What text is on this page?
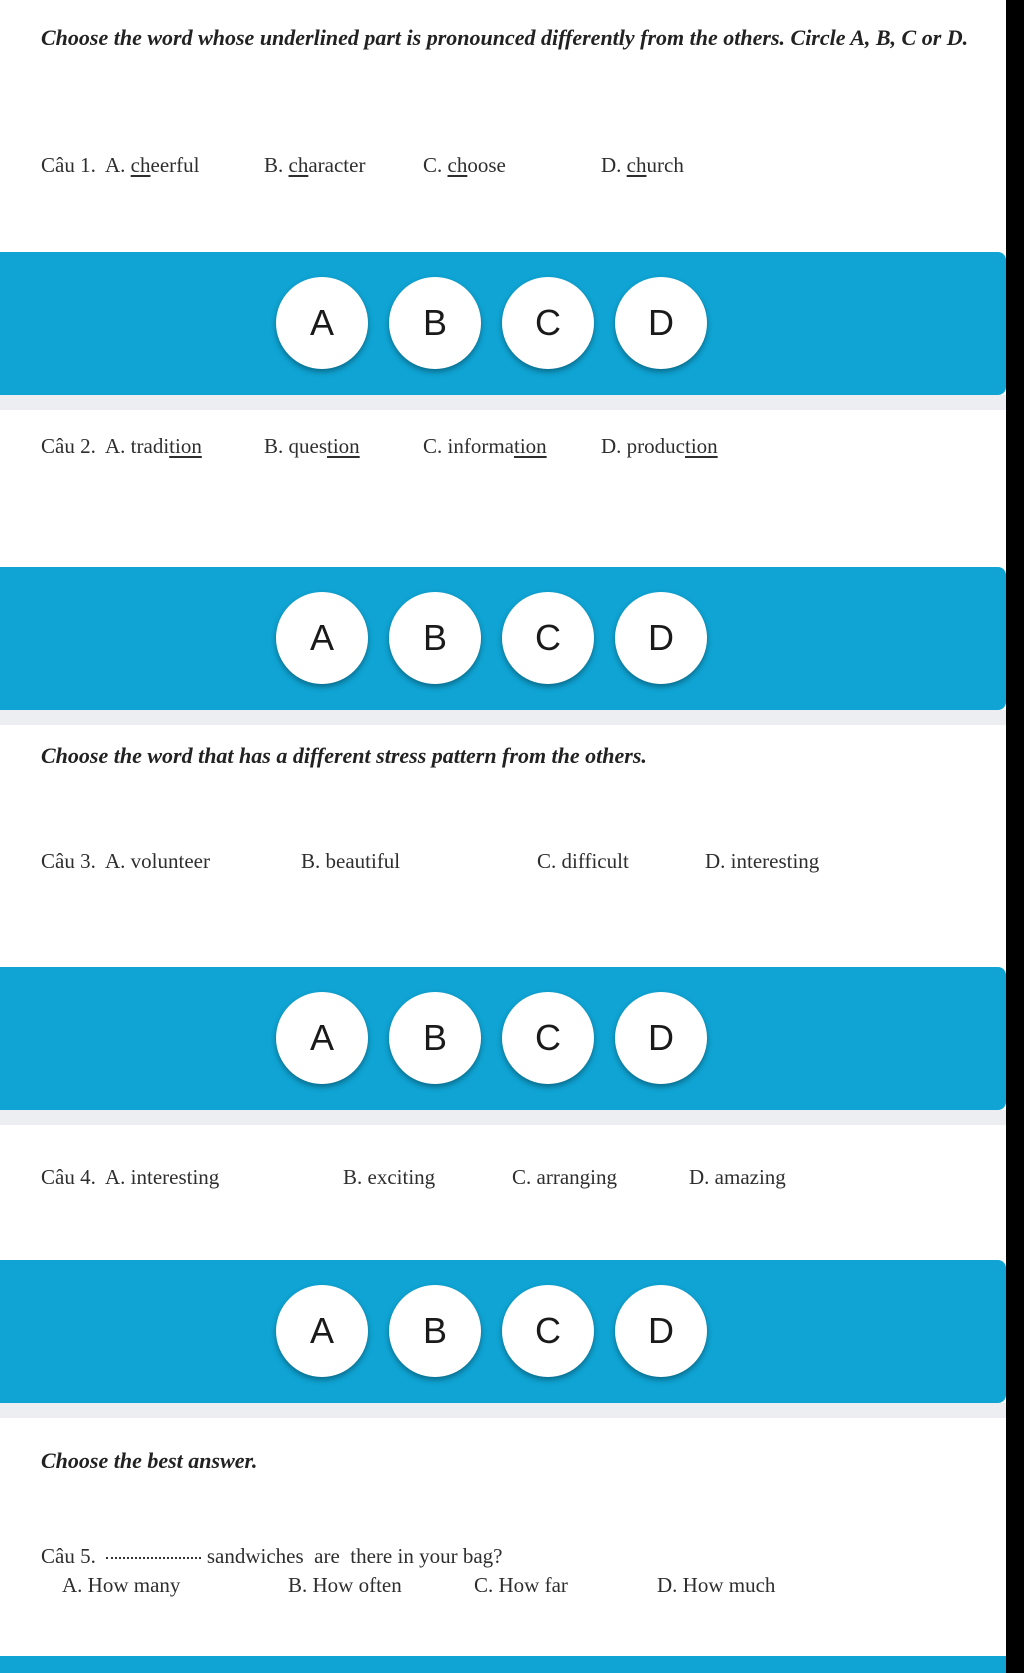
Choose the word whose underlined part is pronounced differently from the others. Circle A, B, C or D.
Câu 1. A. cheerful	B. character	C. choose	D. church
A	B	C	D
Câu 2. A. tradition	B. question	C. information	D. production
A	B	C	D
Choose the word that has a different stress pattern from the others.
Câu 3. A. volunteer	B. beautiful	C. difficult	D. interesting
A	B	C	D
Câu 4. A. interesting	B. exciting	C. arranging	D. amazing
A	B	C	D
Choose the best answer.
Câu 5.	sandwiches  are  there in your bag?
A. How many	B. How often	C. How far	D. How much
